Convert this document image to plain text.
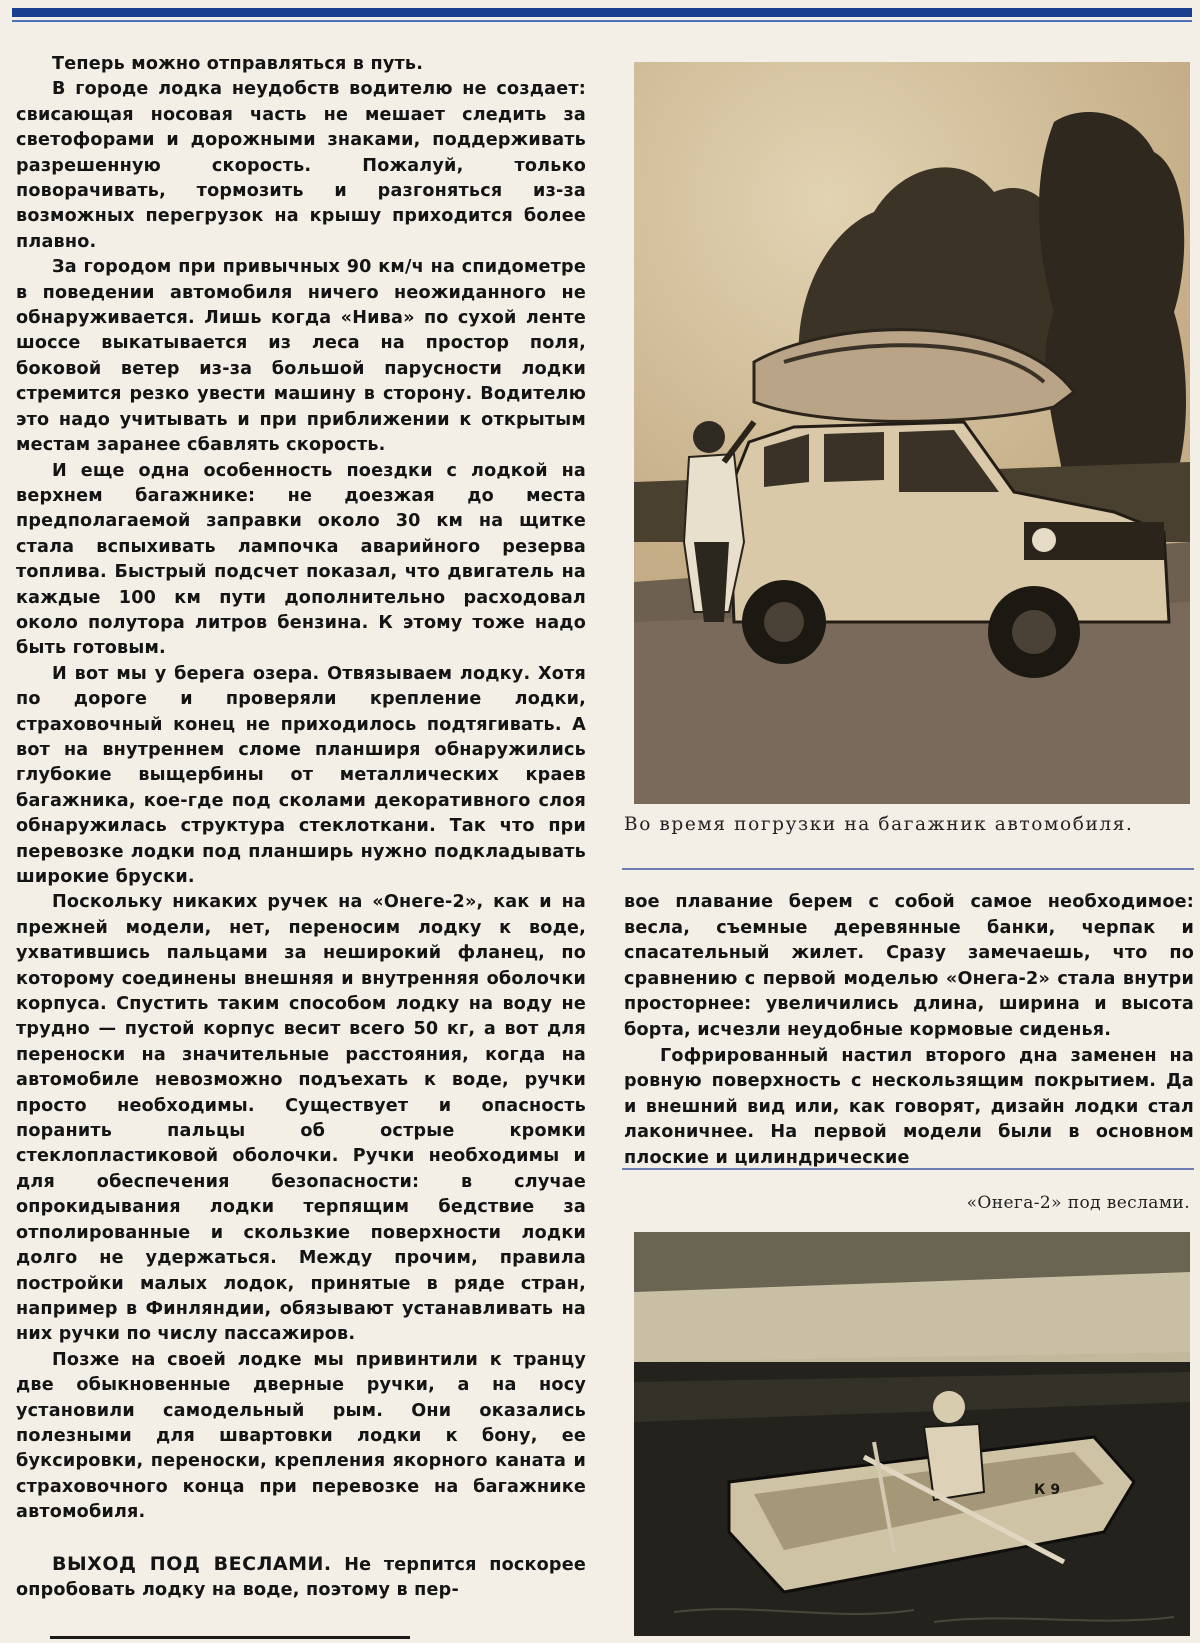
Теперь можно отправляться в путь.

В городе лодка неудобств водителю не создает: свисающая носовая часть не мешает следить за светофорами и дорожными знаками, поддерживать разрешенную скорость. Пожалуй, только поворачивать, тормозить и разгоняться из-за возможных перегрузок на крышу приходится более плавно.

За городом при привычных 90 км/ч на спидометре в поведении автомобиля ничего неожиданного не обнаруживается. Лишь когда «Нива» по сухой ленте шоссе выкатывается из леса на простор поля, боковой ветер из-за большой парусности лодки стремится резко увести машину в сторону. Водителю это надо учитывать и при приближении к открытым местам заранее сбавлять скорость.

И еще одна особенность поездки с лодкой на верхнем багажнике: не доезжая до места предполагаемой заправки около 30 км на щитке стала вспыхивать лампочка аварийного резерва топлива. Быстрый подсчет показал, что двигатель на каждые 100 км пути дополнительно расходовал около полутора литров бензина. К этому тоже надо быть готовым.

И вот мы у берега озера. Отвязываем лодку. Хотя по дороге и проверяли крепление лодки, страховочный конец не приходилось подтягивать. А вот на внутреннем сломе планширя обнаружились глубокие выщербины от металлических краев багажника, кое-где под сколами декоративного слоя обнаружилась структура стеклоткани. Так что при перевозке лодки под планширь нужно подкладывать широкие бруски.

Поскольку никаких ручек на «Онеге-2», как и на прежней модели, нет, переносим лодку к воде, ухватившись пальцами за неширокий фланец, по которому соединены внешняя и внутренняя оболочки корпуса. Спустить таким способом лодку на воду не трудно — пустой корпус весит всего 50 кг, а вот для переноски на значительные расстояния, когда на автомобиле невозможно подъехать к воде, ручки просто необходимы. Существует и опасность поранить пальцы об острые кромки стеклопластиковой оболочки. Ручки необходимы и для обеспечения безопасности: в случае опрокидывания лодки терпящим бедствие за отполированные и скользкие поверхности лодки долго не удержаться. Между прочим, правила постройки малых лодок, принятые в ряде стран, например в Финляндии, обязывают устанавливать на них ручки по числу пассажиров.

Позже на своей лодке мы привинтили к транцу две обыкновенные дверные ручки, а на носу установили самодельный рым. Они оказались полезными для швартовки лодки к бону, ее буксировки, переноски, крепления якорного каната и страховочного конца при перевозке на багажнике автомобиля.

ВЫХОД ПОД ВЕСЛАМИ. Не терпится поскорее опробовать лодку на воде, поэтому в пер-

Во время погрузки на багажник автомобиля.

вое плавание берем с собой самое необходимое: весла, съемные деревянные банки, черпак и спасательный жилет. Сразу замечаешь, что по сравнению с первой моделью «Онега-2» стала внутри просторнее: увеличились длина, ширина и высота борта, исчезли неудобные кормовые сиденья.

Гофрированный настил второго дна заменен на ровную поверхность с нескользящим покрытием. Да и внешний вид или, как говорят, дизайн лодки стал лаконичнее. На первой модели были в основном плоские и цилиндрические

«Онега-2» под веслами.
К 9
